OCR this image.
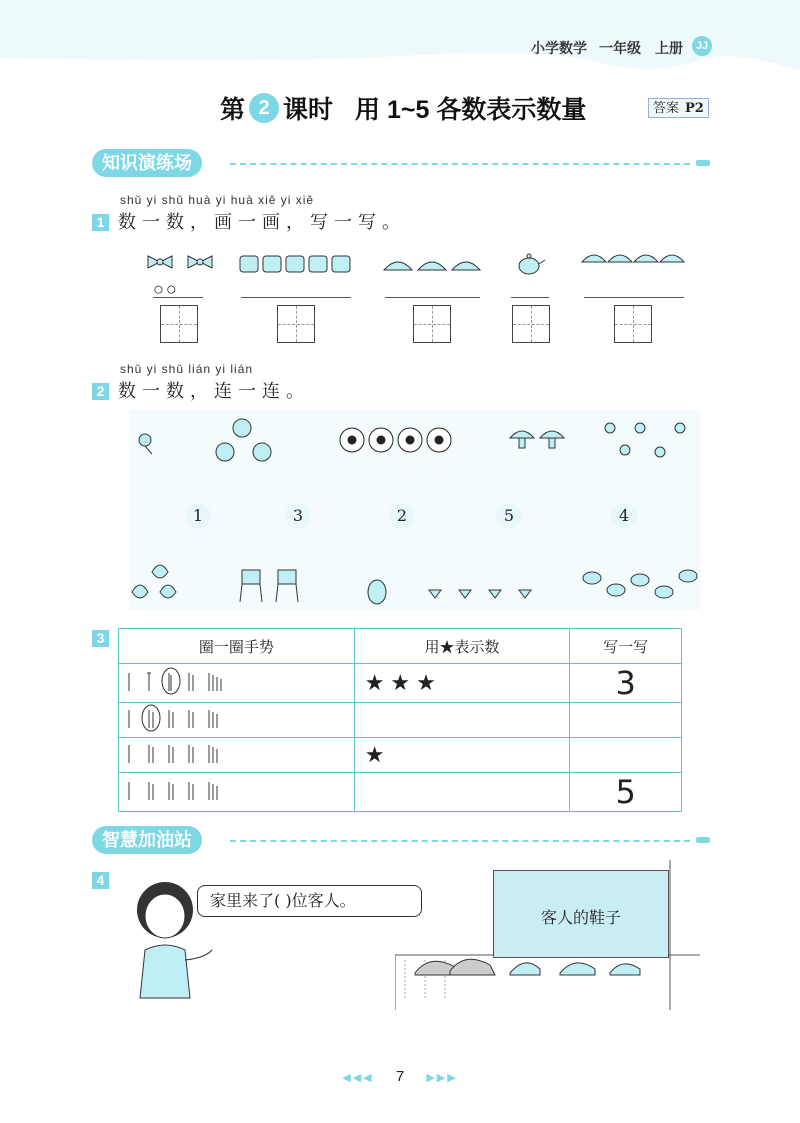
小学数学 一年级 上册	JJ
第 2 课时 用 1~5 各数表示数量	答案 P2
知识演练场
shǔ yi shǔ huà yi huà xiě yi xiě
1 数一数，画一画，写一写。
○○
shǔ yi shǔ lián yi lián
2 数一数，连一连。
1	3	2	5	4
3	圈一圈手势	用★表示数	写一写
	★★★	3

	★	
		5
智慧加油站
4
家里来了( )位客人。
客人的鞋子
◀◀◀ 7 ▶▶▶
